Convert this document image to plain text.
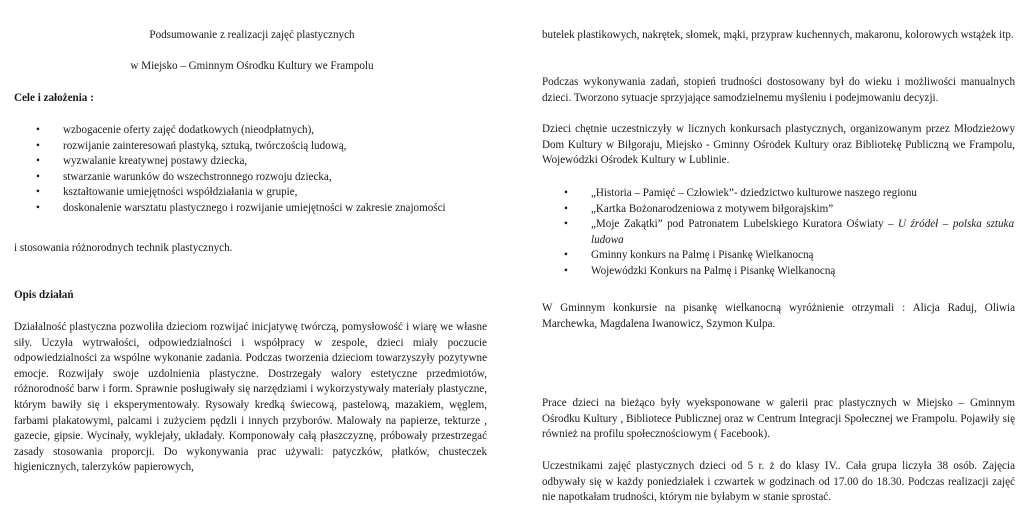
Podsumowanie z realizacji zajęć plastycznych

w Miejsko – Gminnym Ośrodku Kultury we Frampolu

Cele i założenia :

• wzbogacenie oferty zajęć dodatkowych (nieodpłatnych),
• rozwijanie zainteresowań plastyką, sztuką, twórczością ludową,
• wyzwalanie kreatywnej postawy dziecka,
• stwarzanie warunków do wszechstronnego rozwoju dziecka,
• kształtowanie umiejętności współdziałania w grupie,
• doskonalenie warsztatu plastycznego i rozwijanie umiejętności w zakresie znajomości

i stosowania różnorodnych technik plastycznych.

Opis działań

Działalność plastyczna pozwoliła dzieciom rozwijać inicjatywę twórczą, pomysłowość i wiarę we własne siły. Uczyła wytrwałości, odpowiedzialności i współpracy w zespole, dzieci miały poczucie odpowiedzialności za wspólne wykonanie zadania. Podczas tworzenia dzieciom towarzyszyły pozytywne emocje. Rozwijały swoje uzdolnienia plastyczne. Dostrzegały walory estetyczne przedmiotów, różnorodność barw i form. Sprawnie posługiwały się narzędziami i wykorzystywały materiały plastyczne, którym bawiły się i eksperymentowały. Rysowały kredką świecową, pastelową, mazakiem, węglem, farbami plakatowymi, palcami i zużyciem pędzli i innych przyborów. Malowały na papierze, tekturze , gazecie, gipsie. Wycinały, wyklejały, układały. Komponowały całą płaszczyznę, próbowały przestrzegać zasady stosowania proporcji. Do wykonywania prac używali: patyczków, płatków, chusteczek higienicznych, talerzyków papierowych,

butelek plastikowych, nakrętek, słomek, mąki, przypraw kuchennych, makaronu, kolorowych wstążek itp.

Podczas wykonywania zadań, stopień trudności dostosowany był do wieku i możliwości manualnych dzieci. Tworzono sytuacje sprzyjające samodzielnemu myśleniu i podejmowaniu decyzji.

Dzieci chętnie uczestniczyły w licznych konkursach plastycznych, organizowanym przez Młodzieżowy Dom Kultury w Biłgoraju, Miejsko - Gminny Ośrodek Kultury oraz Bibliotekę Publiczną we Frampolu, Wojewódzki Ośrodek Kultury w Lublinie.

• „Historia – Pamięć – Człowiek”- dziedzictwo kulturowe naszego regionu
• „Kartka Bożonarodzeniowa z motywem biłgorajskim”
• „Moje Zakątki” pod Patronatem Lubelskiego Kuratora Oświaty – U źródeł – polska sztuka ludowa
• Gminny konkurs na Palmę i Pisankę Wielkanocną
• Wojewódzki Konkurs na Palmę i Pisankę Wielkanocną

W Gminnym konkursie na pisankę wielkanocną wyróżnienie otrzymali : Alicja Raduj, Oliwia Marchewka, Magdalena Iwanowicz, Szymon Kulpa.

Prace dzieci na bieżąco były wyeksponowane w galerii prac plastycznych w Miejsko – Gminnym Ośrodku Kultury , Bibliotece Publicznej oraz w Centrum Integracji Społecznej we Frampolu. Pojawiły się również na profilu społecznościowym ( Facebook).

Uczestnikami zajęć plastycznych dzieci od 5 r. ż do klasy IV.. Cała grupa liczyła 38 osób. Zajęcia odbywały się w każdy poniedziałek i czwartek w godzinach od 17.00 do 18.30. Podczas realizacji zajęć nie napotkałam trudności, którym nie byłabym w stanie sprostać.
